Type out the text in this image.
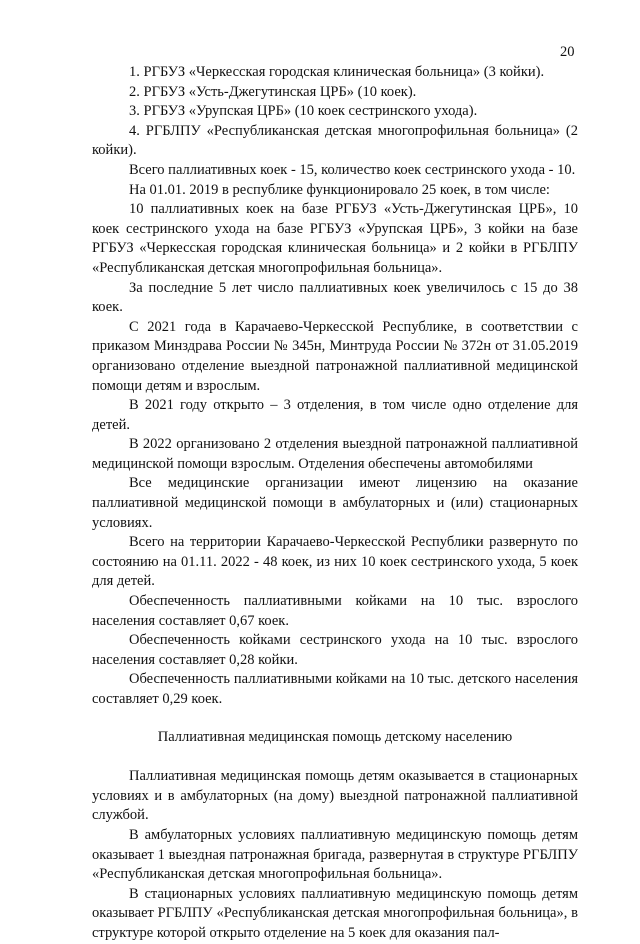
20

1. РГБУЗ «Черкесская городская клиническая больница» (3 койки).

2. РГБУЗ «Усть-Джегутинская ЦРБ» (10 коек).

3. РГБУЗ «Урупская ЦРБ» (10 коек сестринского ухода).

4. РГБЛПУ «Республиканская детская многопрофильная больница» (2 койки).

Всего паллиативных коек - 15, количество коек сестринского ухода - 10.

На 01.01. 2019 в республике функционировало 25 коек, в том числе:

10 паллиативных коек на базе РГБУЗ «Усть-Джегутинская ЦРБ», 10 коек сестринского ухода на базе РГБУЗ «Урупская ЦРБ», 3 койки на базе РГБУЗ «Черкесская городская клиническая больница» и 2 койки в РГБЛПУ «Республиканская детская многопрофильная больница».

За последние 5 лет число паллиативных коек увеличилось с 15 до 38 коек.

С 2021 года в Карачаево-Черкесской Республике, в соответствии с приказом Минздрава России № 345н, Минтруда России № 372н от 31.05.2019 организовано отделение выездной патронажной паллиативной медицинской помощи детям и взрослым.

В 2021 году открыто – 3 отделения, в том числе одно отделение для детей.

В 2022 организовано 2 отделения выездной патронажной паллиативной медицинской помощи взрослым. Отделения обеспечены автомобилями

Все медицинские организации имеют лицензию на оказание паллиативной медицинской помощи в амбулаторных и (или) стационарных условиях.

Всего на территории Карачаево-Черкесской Республики развернуто по состоянию на 01.11. 2022 - 48 коек, из них 10 коек сестринского ухода, 5 коек для детей.

Обеспеченность паллиативными койками на 10 тыс. взрослого населения составляет 0,67 коек.

Обеспеченность койками сестринского ухода на 10 тыс. взрослого населения составляет 0,28 койки.

Обеспеченность паллиативными койками на 10 тыс. детского населения составляет 0,29 коек.

Паллиативная медицинская помощь детскому населению

Паллиативная медицинская помощь детям оказывается в стационарных условиях и в амбулаторных (на дому) выездной патронажной паллиативной службой.

В амбулаторных условиях паллиативную медицинскую помощь детям оказывает 1 выездная патронажная бригада, развернутая в структуре РГБЛПУ «Республиканская детская многопрофильная больница».

В стационарных условиях паллиативную медицинскую помощь детям оказывает РГБЛПУ «Республиканская детская многопрофильная больница», в структуре которой открыто отделение на 5 коек для оказания пал-
